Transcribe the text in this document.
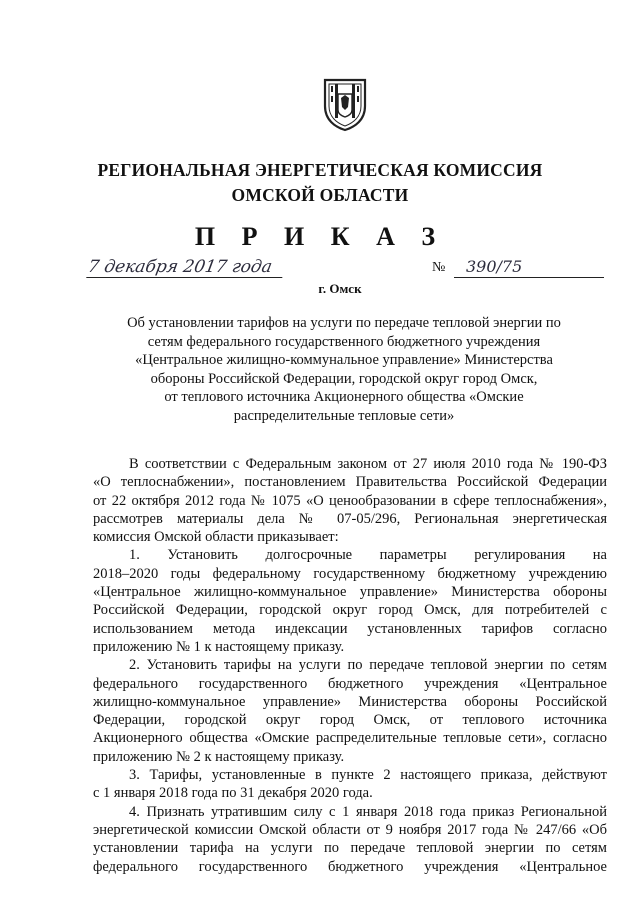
РЕГИОНАЛЬНАЯ ЭНЕРГЕТИЧЕСКАЯ КОМИССИЯ
ОМСКОЙ ОБЛАСТИ
П Р И К А З
7 декабря 2017 года	№	390/75
г. Омск
Об установлении тарифов на услуги по передаче тепловой энергии по
сетям федерального государственного бюджетного учреждения
«Центральное жилищно-коммунальное управление» Министерства
обороны Российской Федерации, городской округ город Омск,
от теплового источника Акционерного общества «Омские
распределительные тепловые сети»
В соответствии с Федеральным законом от 27 июля 2010 года № 190-ФЗ
«О теплоснабжении», постановлением Правительства Российской Федерации
от 22 октября 2012 года № 1075 «О ценообразовании в сфере теплоснабжения»,
рассмотрев материалы дела № 07-05/296, Региональная энергетическая
комиссия Омской области приказывает:
1. Установить долгосрочные параметры регулирования на
2018–2020 годы федеральному государственному бюджетному учреждению
«Центральное жилищно-коммунальное управление» Министерства обороны
Российской Федерации, городской округ город Омск, для потребителей с
использованием метода индексации установленных тарифов согласно
приложению № 1 к настоящему приказу.
2. Установить тарифы на услуги по передаче тепловой энергии по сетям
федерального государственного бюджетного учреждения «Центральное
жилищно-коммунальное управление» Министерства обороны Российской
Федерации, городской округ город Омск, от теплового источника
Акционерного общества «Омские распределительные тепловые сети», согласно
приложению № 2 к настоящему приказу.
3. Тарифы, установленные в пункте 2 настоящего приказа, действуют
с 1 января 2018 года по 31 декабря 2020 года.
4. Признать утратившим силу с 1 января 2018 года приказ Региональной
энергетической комиссии Омской области от 9 ноября 2017 года № 247/66 «Об
установлении тарифа на услуги по передаче тепловой энергии по сетям
федерального государственного бюджетного учреждения «Центральное
